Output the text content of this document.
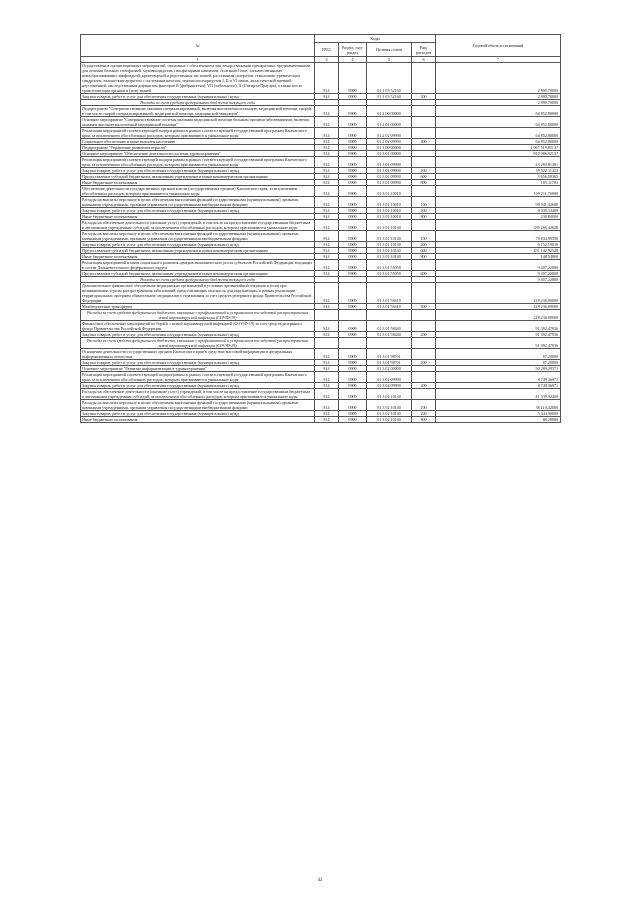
№	Коды				Годовой объем ассигнований
	ГРБС	Раздел, под-раздел	Целевая статья	Вид расходов	
1	3	4	5	6	7
Осуществление организационных мероприятий, связанных с обеспечением лиц лекарственными препаратами, предназначенными для лечения больных гемофилией, муковисцидозом, гипофизарным нанизмом, болезнью Гоше, злокачественными новообразованиями лимфоидной, кроветворной и родственных им тканей, рассеянным склерозом, гемолитико-уремическим синдромом, юношеским артритом с системным началом, мукополисахаридозом I, II и VI типов, апластической анемией неуточненной, наследственным дефицитом факторов II (фибриногена), VII (лабильного), X (Стюарта-Прауэра), а также после трансплантации органов и (или) тканей	814	0909	01 1 03 52160		2 890,70000
Закупка товаров, работ и услуг для обеспечения государственных (муниципальных) нужд	814	0909	01 1 03 52160	200	2 890,70000
Расходы за счет средств федерального бюджета текущего года					2 890,70000
Подпрограмма "Совершенствование оказания специализированной, включая высокотехнологичную, медицинской помощи, скорой, в том числе скорой специализированной, медицинской помощи, медицинской эвакуации"	814	0909	01 2 00 00000		64 852,80000
Основное мероприятие "Совершенствование системы оказания медицинской помощи больным прочими заболеваниями, включая оказание высокотехнологичной медицинской помощи"	814	0909	01 2 02 00000		64 852,80000
Реализация мероприятий соответствующей подпрограммы в рамках соответствующей государственной программы Камчатского края, за исключением обособленных расходов, которым присваиваются уникальные коды	814	0909	01 2 02 09990		64 852,80000
Социальное обеспечение и иные выплаты населению	814	0909	01 2 02 09990	300	64 852,80000
Подпрограмма "Управление развитием отрасли"	814	0909	01 3 00 00000		1 067 519,85137
Основное мероприятие "Обеспечение деятельности системы здравоохранения"	814	0909	01 3 01 00000		810 986,92137
Реализация мероприятий соответствующей подпрограммы в рамках соответствующей государственной программы Камчатского края, за исключением обособленных расходов, которым присваиваются уникальные коды	814	0909	01 3 01 09990		43 283,81491
Закупка товаров, работ и услуг для обеспечения государственных (муниципальных) нужд	814	0909	01 3 01 09990	200	39 522,11423
Предоставление субсидий бюджетным, автономным учреждениям и иным некоммерческим организациям	814	0909	01 3 01 09990	600	3 656,58365
Иные бюджетные ассигнования	814	0909	01 3 01 09990	800	105,11703
Обеспечение деятельности государственных органов власти (государственных органов) Камчатского края, за исключением обособленных расходов, которым присваиваются уникальные коды	814	0909	01 3 01 10010		109 211,76000
Расходы на выплаты персоналу в целях обеспечения выполнения функций государственными (муниципальными) органами, казенными учреждениями, органами управления государственными внебюджетными фондами	814	0909	01 3 01 10010	100	99 941,42600
Закупка товаров, работ и услуг для обеспечения государственных (муниципальных) нужд	814	0909	01 3 01 10010	200	9 039,53400
Иные бюджетные ассигнования	814	0909	01 3 01 10010	800	230,80000
Расходы на обеспечение деятельности (оказание услуг) учреждений, в том числе на предоставление государственным бюджетным и автономным учреждениям субсидий, за исключением обособленных расходов, которым присваиваются уникальные коды	814	0909	01 3 01 10140		339 266,42828
Расходы на выплаты персоналу в целях обеспечения выполнения функций государственными (муниципальными) органами, казенными учреждениями, органами управления государственными внебюджетными фондами	814	0909	01 3 01 10140	100	78 834,99590
Закупка товаров, работ и услуг для обеспечения государственных (муниципальных) нужд	814	0909	01 3 01 10140	200	9 152,19010
Предоставление субсидий бюджетным, автономным учреждениям и иным некоммерческим организациям	814	0909	01 3 01 10140	600	251 142,92528
Иные бюджетные ассигнования	814	0909	01 3 01 10140	800	148,54800
Реализация мероприятий планов социального развития центров экономического роста субъектов Российской Федерации, входящих в состав Дальневосточного федерального округа	814	0909	01 3 01 55050		9 407,22000
Предоставление субсидий бюджетным, автономным учреждениям и иным некоммерческим организациям	814	0909	01 3 01 55050	600	9 407,22000
Расходы за счет средств федерального бюджета текущего года					9 407,22000
Дополнительное финансовое обеспечение медицинских организаций в условиях чрезвычайной ситуации и (или) при возникновении угрозы распространения заболеваний, представляющих опасность для окружающих, в рамках реализации территориальных программ обязательного медицинского страхования за счет средств резервного фонда Правительства Российской Федерации	814	0909	01 3 01 58410		218 236,00000
Межбюджетные трансферты	814	0909	01 3 01 58410	500	218 236,00000
Расходы за счет средств федерального бюджета, связанные с профилактикой и устранением последствий распространения новой коронавирусной инфекции (COVID-19)					218 236,00000
Финансовое обеспечение мероприятий по борьбе с новой коронавирусной инфекцией (COVID-19) за счет средств резервного фонда Правительства Российской Федерации	814	0909	01 3 01 58440		91 392,47936
Закупка товаров, работ и услуг для обеспечения государственных (муниципальных) нужд	814	0909	01 3 01 58440	200	91 392,47936
Расходы за счет средств федерального бюджета, связанные с профилактикой и устранением последствий распространения новой коронавирусной инфекции (COVID-19)					91 392,47936
Оснащение деятельности государственных органов Камчатского края в средствах массовой информации и федеральных информационных агентствах	814	0909	01 3 01 98701		87,20000
Закупка товаров, работ и услуг для обеспечения государственных (муниципальных) нужд	814	0909	01 3 01 98701	200	87,20000
Основное мероприятие "Развитие информатизации в здравоохранении"	814	0909	01 3 02 00000		50 289,29371
Реализация мероприятий соответствующей подпрограммы в рамках соответствующей государственной программы Камчатского края, за исключением обособленных расходов, которым присваиваются уникальные коды	814	0909	01 3 02 09990		8 749,36971
Закупка товаров, работ и услуг для обеспечения государственных (муниципальных) нужд	814	0909	01 3 02 09990	200	8 749,36971
Расходы на обеспечение деятельности (оказание услуг) учреждений, в том числе на предоставление государственным бюджетным и автономным учреждениям субсидий, за исключением обособленных расходов, которым присваиваются уникальные коды	814	0909	01 3 02 10140		41 539,92400
Расходы на выплаты персоналу в целях обеспечения выполнения функций государственными (муниципальными) органами, казенными учреждениями, органами управления государственными внебюджетными фондами	814	0909	01 3 02 10140	100	36 110,42000
Закупка товаров, работ и услуг для обеспечения государственных (муниципальных) нужд	814	0909	01 3 02 10140	200	5 343,30000
Иные бюджетные ассигнования	814	0909	01 3 02 10140	800	86,20000
42
